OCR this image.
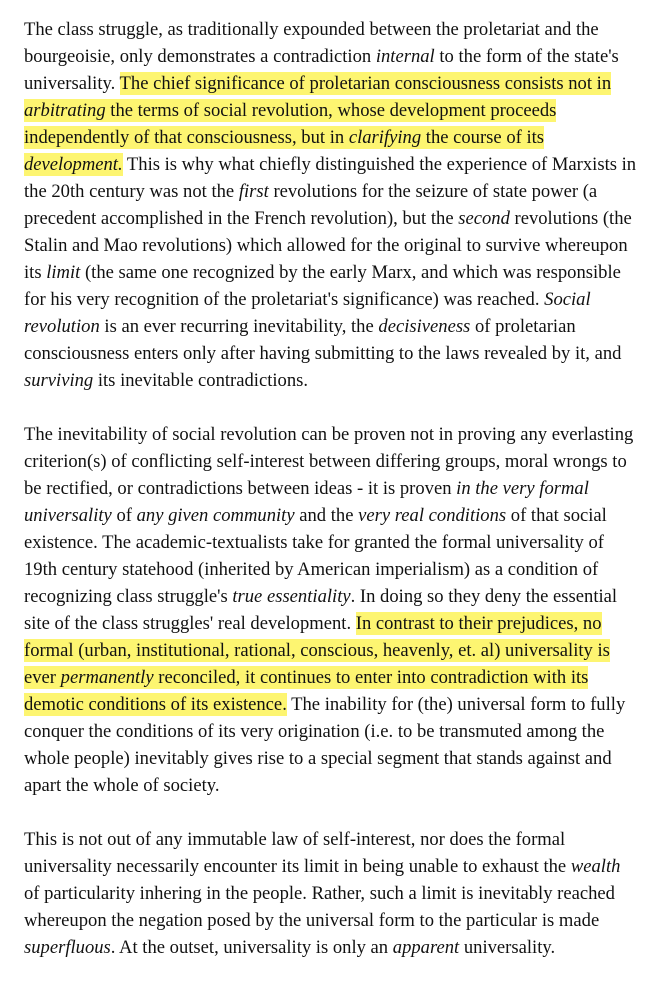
The class struggle, as traditionally expounded between the proletariat and the bourgeoisie, only demonstrates a contradiction internal to the form of the state's universality. The chief significance of proletarian consciousness consists not in arbitrating the terms of social revolution, whose development proceeds independently of that consciousness, but in clarifying the course of its development. This is why what chiefly distinguished the experience of Marxists in the 20th century was not the first revolutions for the seizure of state power (a precedent accomplished in the French revolution), but the second revolutions (the Stalin and Mao revolutions) which allowed for the original to survive whereupon its limit (the same one recognized by the early Marx, and which was responsible for his very recognition of the proletariat's significance) was reached. Social revolution is an ever recurring inevitability, the decisiveness of proletarian consciousness enters only after having submitting to the laws revealed by it, and surviving its inevitable contradictions.

The inevitability of social revolution can be proven not in proving any everlasting criterion(s) of conflicting self-interest between differing groups, moral wrongs to be rectified, or contradictions between ideas - it is proven in the very formal universality of any given community and the very real conditions of that social existence. The academic-textualists take for granted the formal universality of 19th century statehood (inherited by American imperialism) as a condition of recognizing class struggle's true essentiality. In doing so they deny the essential site of the class struggles' real development. In contrast to their prejudices, no formal (urban, institutional, rational, conscious, heavenly, et. al) universality is ever permanently reconciled, it continues to enter into contradiction with its demotic conditions of its existence. The inability for (the) universal form to fully conquer the conditions of its very origination (i.e. to be transmuted among the whole people) inevitably gives rise to a special segment that stands against and apart the whole of society.

This is not out of any immutable law of self-interest, nor does the formal universality necessarily encounter its limit in being unable to exhaust the wealth of particularity inhering in the people. Rather, such a limit is inevitably reached whereupon the negation posed by the universal form to the particular is made superfluous. At the outset, universality is only an apparent universality.
